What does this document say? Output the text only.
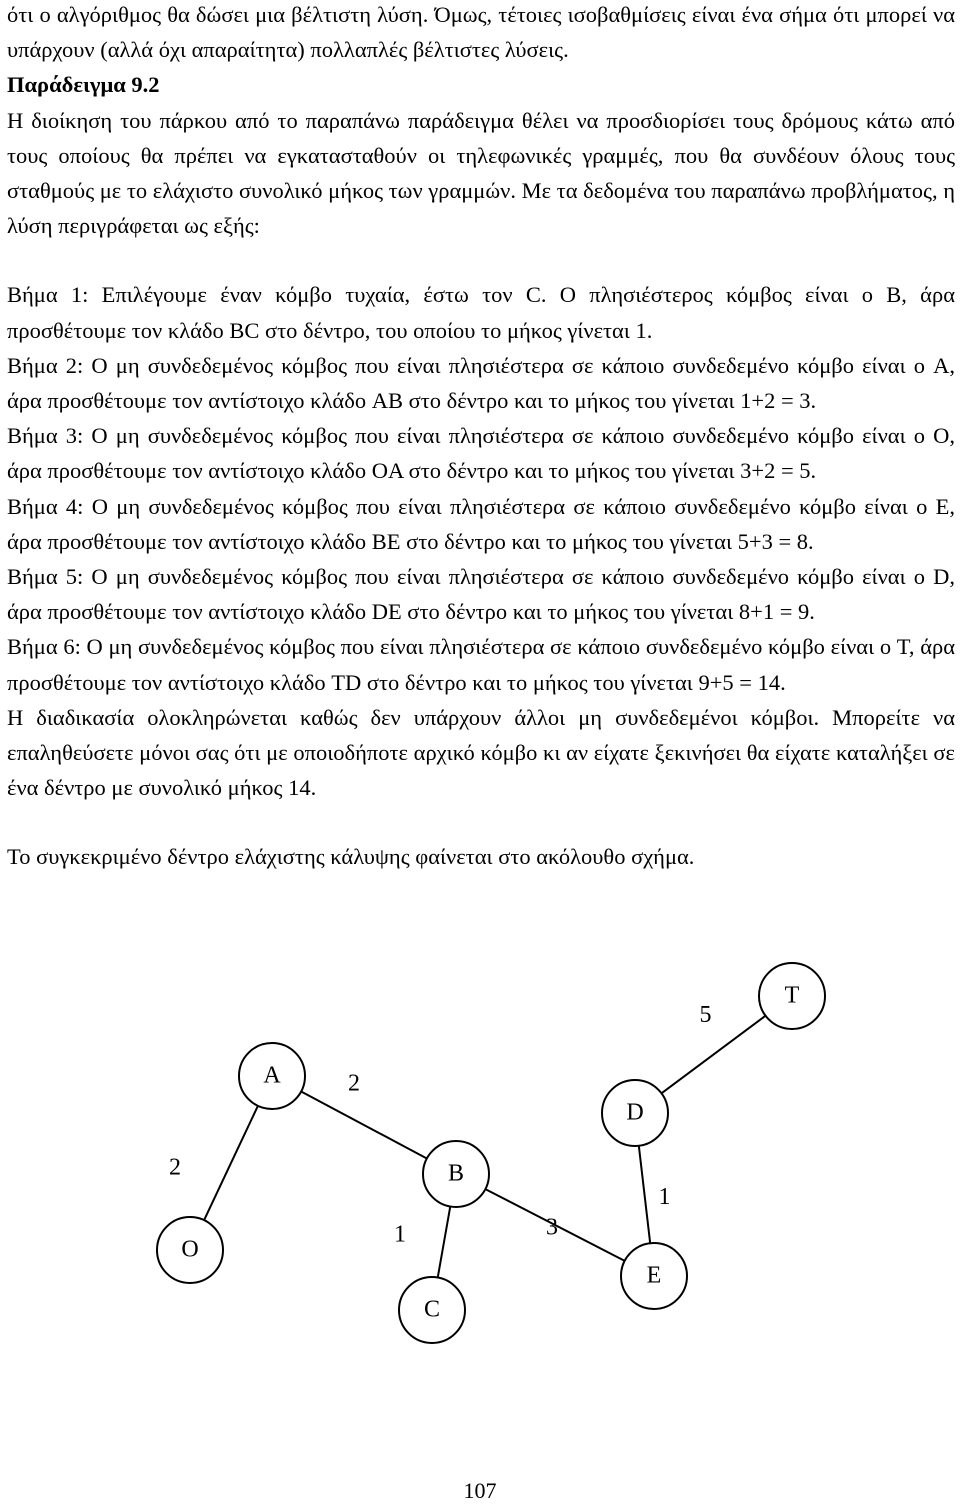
ότι ο αλγόριθμος θα δώσει μια βέλτιστη λύση. Όμως, τέτοιες ισοβαθμίσεις είναι ένα σήμα ότι μπορεί να υπάρχουν (αλλά όχι απαραίτητα) πολλαπλές βέλτιστες λύσεις.

Παράδειγμα 9.2

Η διοίκηση του πάρκου από το παραπάνω παράδειγμα θέλει να προσδιορίσει τους δρόμους κάτω από τους οποίους θα πρέπει να εγκατασταθούν οι τηλεφωνικές γραμμές, που θα συνδέουν όλους τους σταθμούς με το ελάχιστο συνολικό μήκος των γραμμών. Με τα δεδομένα του παραπάνω προβλήματος, η λύση περιγράφεται ως εξής:

Βήμα 1: Επιλέγουμε έναν κόμβο τυχαία, έστω τον C. Ο πλησιέστερος κόμβος είναι ο B, άρα προσθέτουμε τον κλάδο BC στο δέντρο, του οποίου το μήκος γίνεται 1.

Βήμα 2: Ο μη συνδεδεμένος κόμβος που είναι πλησιέστερα σε κάποιο συνδεδεμένο κόμβο είναι ο A, άρα προσθέτουμε τον αντίστοιχο κλάδο AB στο δέντρο και το μήκος του γίνεται 1+2 = 3.

Βήμα 3: Ο μη συνδεδεμένος κόμβος που είναι πλησιέστερα σε κάποιο συνδεδεμένο κόμβο είναι ο O, άρα προσθέτουμε τον αντίστοιχο κλάδο OA στο δέντρο και το μήκος του γίνεται 3+2 = 5.

Βήμα 4: Ο μη συνδεδεμένος κόμβος που είναι πλησιέστερα σε κάποιο συνδεδεμένο κόμβο είναι ο E, άρα προσθέτουμε τον αντίστοιχο κλάδο BE στο δέντρο και το μήκος του γίνεται 5+3 = 8.

Βήμα 5: Ο μη συνδεδεμένος κόμβος που είναι πλησιέστερα σε κάποιο συνδεδεμένο κόμβο είναι ο D, άρα προσθέτουμε τον αντίστοιχο κλάδο DE στο δέντρο και το μήκος του γίνεται 8+1 = 9.

Βήμα 6: Ο μη συνδεδεμένος κόμβος που είναι πλησιέστερα σε κάποιο συνδεδεμένο κόμβο είναι ο T, άρα προσθέτουμε τον αντίστοιχο κλάδο TD στο δέντρο και το μήκος του γίνεται 9+5 = 14.

Η διαδικασία ολοκληρώνεται καθώς δεν υπάρχουν άλλοι μη συνδεδεμένοι κόμβοι. Μπορείτε να επαληθεύσετε μόνοι σας ότι με οποιοδήποτε αρχικό κόμβο κι αν είχατε ξεκινήσει θα είχατε καταλήξει σε ένα δέντρο με συνολικό μήκος 14.

Το συγκεκριμένο δέντρο ελάχιστης κάλυψης φαίνεται στο ακόλουθο σχήμα.

2
2
1	3
1
5
O
A
B
C
D
E
T
107
